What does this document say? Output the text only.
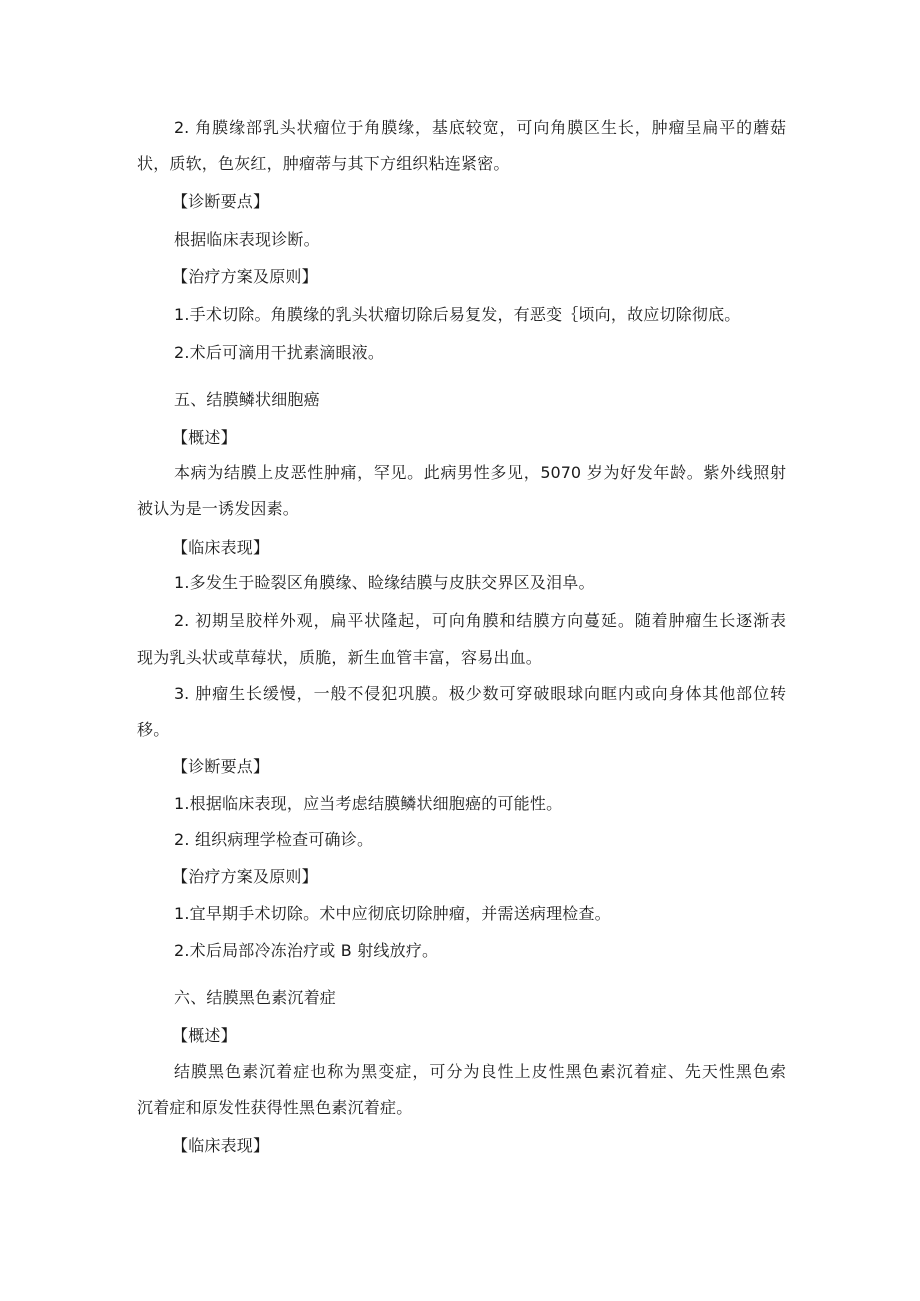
2. 角膜缘部乳头状瘤位于角膜缘，基底较宽，可向角膜区生长，肿瘤呈扁平的蘑菇
状，质软，色灰红，肿瘤蒂与其下方组织粘连紧密。
【诊断要点】
根据临床表现诊断。
【治疗方案及原则】
1.手术切除。角膜缘的乳头状瘤切除后易复发，有恶变｛顷向，故应切除彻底。
2.术后可滴用干扰素滴眼液。
五、结膜鳞状细胞癌
【概述】
本病为结膜上皮恶性肿痛，罕见。此病男性多见，5070 岁为好发年龄。紫外线照射
被认为是一诱发因素。
【临床表现】
1.多发生于睑裂区角膜缘、睑缘结膜与皮肤交界区及泪阜。
2. 初期呈胶样外观，扁平状隆起，可向角膜和结膜方向蔓延。随着肿瘤生长逐渐表
现为乳头状或草莓状，质脆，新生血管丰富，容易出血。
3. 肿瘤生长缓慢，一般不侵犯巩膜。极少数可穿破眼球向眶内或向身体其他部位转
移。
【诊断要点】
1.根据临床表现，应当考虑结膜鳞状细胞癌的可能性。
2. 组织病理学检查可确诊。
【治疗方案及原则】
1.宜早期手术切除。术中应彻底切除肿瘤，并需送病理检查。
2.术后局部冷冻治疗或 B 射线放疗。
六、结膜黑色素沉着症
【概述】
结膜黑色素沉着症也称为黑变症，可分为良性上皮性黑色素沉着症、先天性黑色索
沉着症和原发性获得性黑色素沉着症。
【临床表现】
